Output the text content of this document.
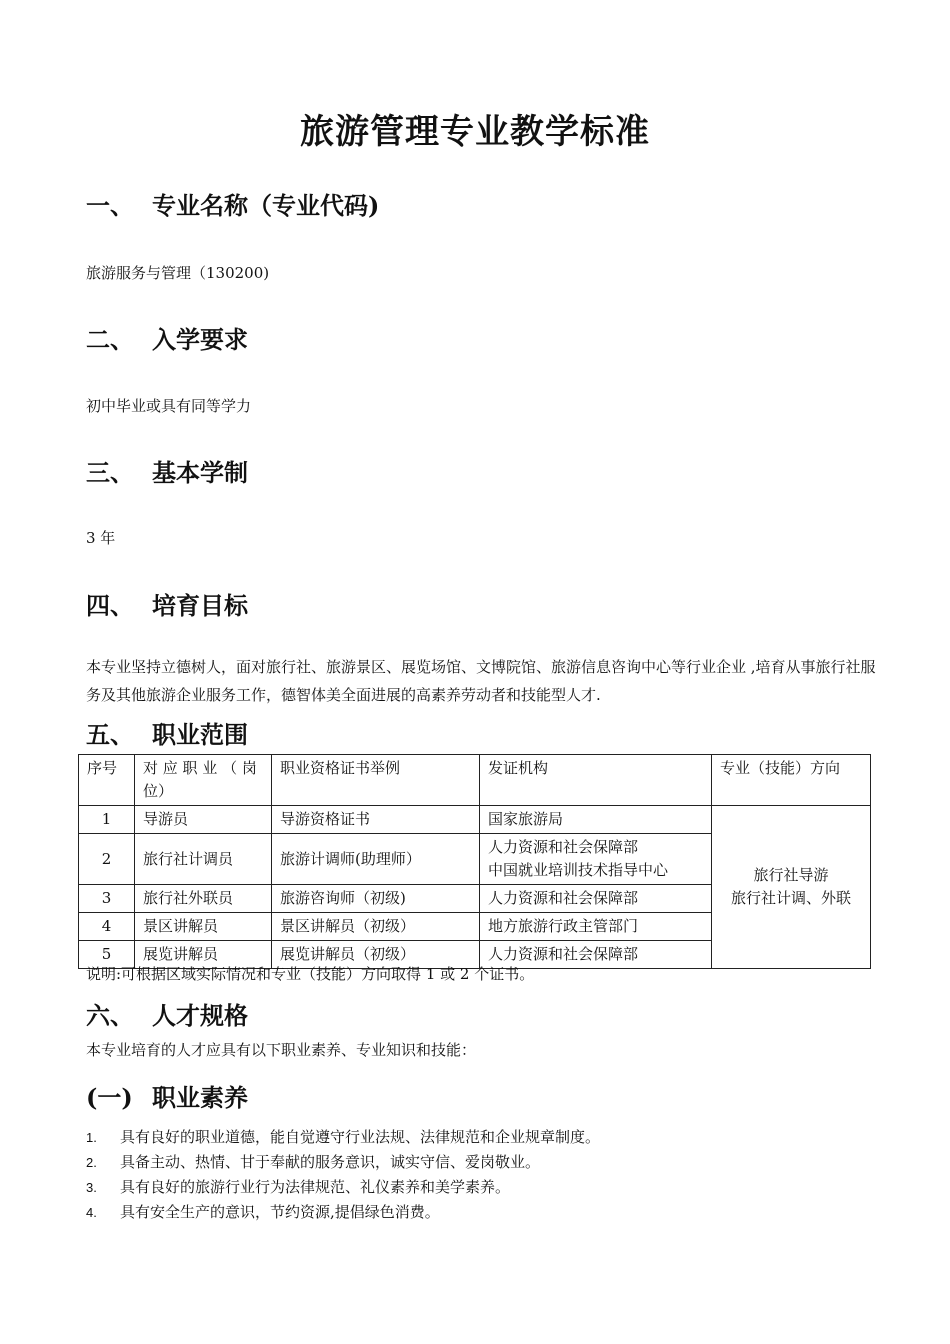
旅游管理专业教学标准
一、 专业名称（专业代码)
旅游服务与管理（130200)
二、 入学要求
初中毕业或具有同等学力
三、 基本学制
3 年
四、 培育目标
本专业坚持立德树人，面对旅行社、旅游景区、展览场馆、文博院馆、旅游信息咨询中心等行业企业 ,培育从事旅行社服务及其他旅游企业服务工作，德智体美全面进展的高素养劳动者和技能型人才.
五、 职业范围
序号	对 应 职 业 （ 岗 位）	职业资格证书举例	发证机构	专业（技能）方向
1	导游员	导游资格证书	国家旅游局	旅行社导游
旅行社计调、外联

2	旅行社计调员	旅游计调师(助理师）	人力资源和社会保障部
中国就业培训技术指导中心	

3	旅行社外联员	旅游咨询师（初级)	人力资源和社会保障部	
4	景区讲解员	景区讲解员（初级）	地方旅游行政主管部门	
5	展览讲解员	展览讲解员（初级）	人力资源和社会保障部	
说明:可根据区域实际情况和专业（技能）方向取得 1 或 2 个证书。
六、 人才规格
本专业培育的人才应具有以下职业素养、专业知识和技能：
(一) 职业素养
1. 具有良好的职业道德，能自觉遵守行业法规、法律规范和企业规章制度。
2. 具备主动、热情、甘于奉献的服务意识，诚实守信、爱岗敬业。
3. 具有良好的旅游行业行为法律规范、礼仪素养和美学素养。
4. 具有安全生产的意识，节约资源,提倡绿色消费。
